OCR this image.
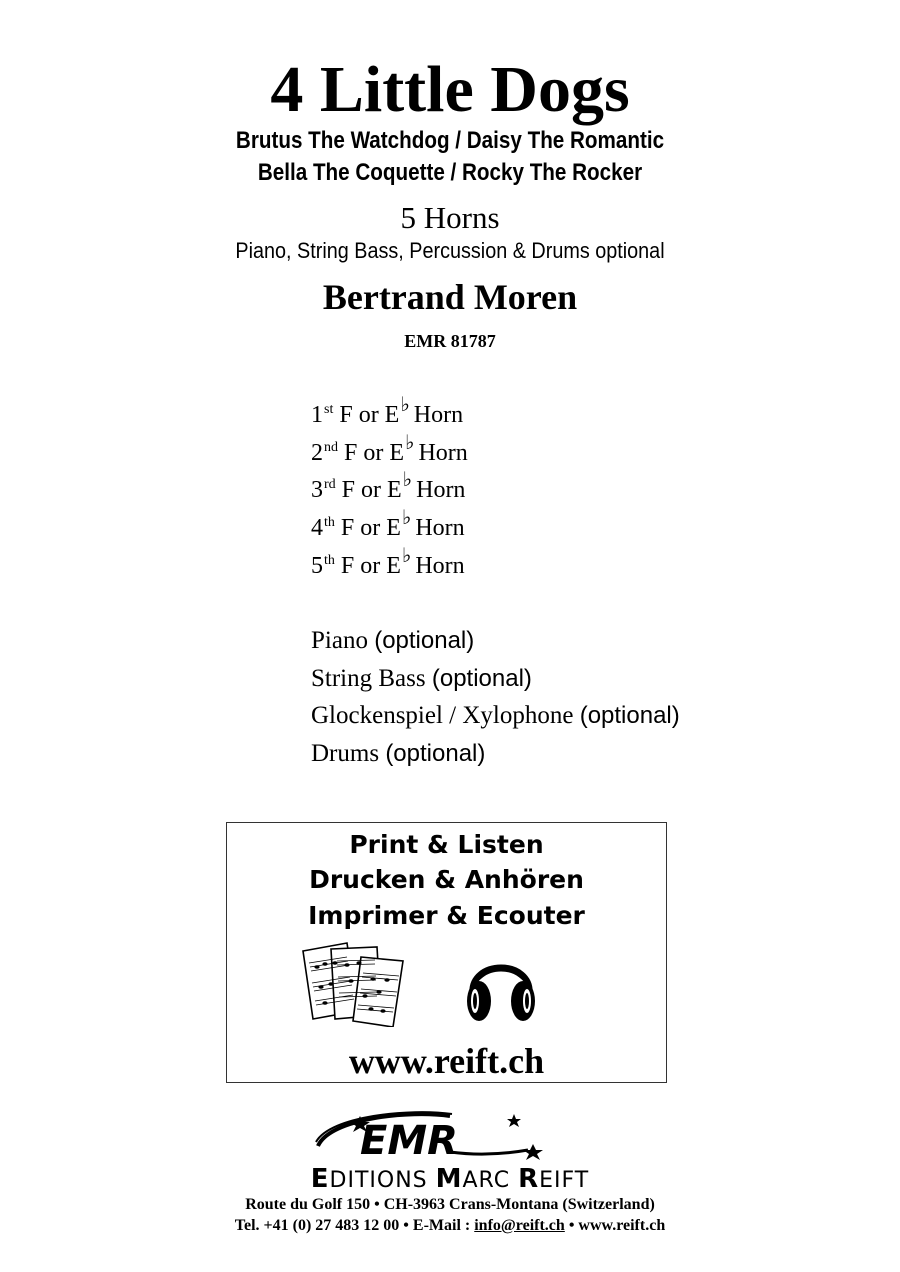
4 Little Dogs
Brutus The Watchdog / Daisy The Romantic
Bella The Coquette / Rocky The Rocker
5 Horns
Piano, String Bass, Percussion & Drums optional
Bertrand Moren
EMR 81787
1st F or E♭ Horn
2nd F or E♭ Horn
3rd F or E♭ Horn
4th F or E♭ Horn
5th F or E♭ Horn
Piano (optional)
String Bass (optional)
Glockenspiel / Xylophone (optional)
Drums (optional)
Print & Listen
Drucken & Anhören
Imprimer & Ecouter
www.reift.ch
EMR
EDITIONS MARC REIFT
Route du Golf 150 • CH-3963 Crans-Montana (Switzerland)
Tel. +41 (0) 27 483 12 00 • E-Mail : info@reift.ch • www.reift.ch
